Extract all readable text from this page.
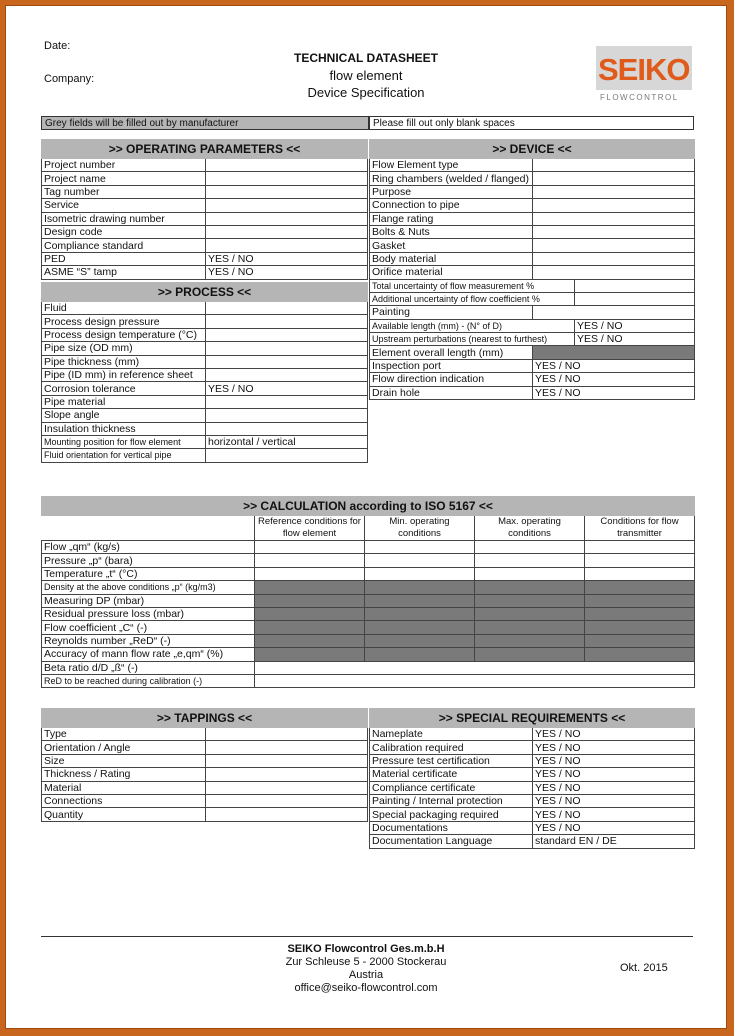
Date:
Company:
TECHNICAL DATASHEET
flow element
Device Specification
SEIKO
FLOWCONTROL
Grey fields will be filled out by manufacturer	Please fill out only blank spaces
>> OPERATING PARAMETERS <<	
Project number	
Project name	
Tag number	
Service	
Isometric drawing number	
Design code	
Compliance standard	
PED	YES / NO
ASME “S” tamp	YES / NO
>> PROCESS <<	
Fluid	
Process design pressure	
Process design temperature (°C)	
Pipe size (OD mm)	
Pipe thickness (mm)	
Pipe (ID mm) in reference sheet	
Corrosion tolerance	YES / NO
Pipe material	
Slope angle	
Insulation thickness	
Mounting position for flow element	horizontal / vertical
Fluid orientation for vertical pipe	
>> DEVICE <<		
Flow Element type		
Ring chambers (welded / flanged)		
Purpose		
Connection to pipe		
Flange rating		
Bolts & Nuts		
Gasket		
Body material		
Orifice material		
Total uncertainty of flow measurement %		
Additional uncertainty of flow coefficient %		
Painting		
Available length (mm) - (N° of D)		YES / NO
Upstream perturbations (nearest to furthest)		YES / NO
Element overall length (mm)		
Inspection port	YES / NO	
Flow direction indication	YES / NO	
Drain hole	YES / NO	
>> CALCULATION according to ISO 5167 <<				
	Reference conditions for flow element	Min. operating conditions	Max. operating conditions	Conditions for flow transmitter
Flow „qm“ (kg/s)				
Pressure „p“ (bara)				
Temperature „t“ (°C)				
Density at the above conditions „p“ (kg/m3)				
Measuring DP (mbar)				
Residual pressure loss (mbar)				
Flow coefficient „C“ (-)				
Reynolds number „ReD“ (-)				
Accuracy of mann flow rate „e,qm“ (%)				
Beta ratio d/D „ß“ (-)				
ReD to be reached during calibration (-)				
>> TAPPINGS <<	
Type	
Orientation / Angle	
Size	
Thickness / Rating	
Material	
Connections	
Quantity	
>> SPECIAL REQUIREMENTS <<	
Nameplate	YES / NO
Calibration required	YES / NO
Pressure test certification	YES / NO
Material certificate	YES / NO
Compliance certificate	YES / NO
Painting / Internal protection	YES / NO
Special packaging required	YES / NO
Documentations	YES / NO
Documentation Language	standard EN / DE
SEIKO Flowcontrol Ges.m.b.H
Zur Schleuse 5 - 2000 Stockerau
Austria
office@seiko-flowcontrol.com
Okt. 2015
